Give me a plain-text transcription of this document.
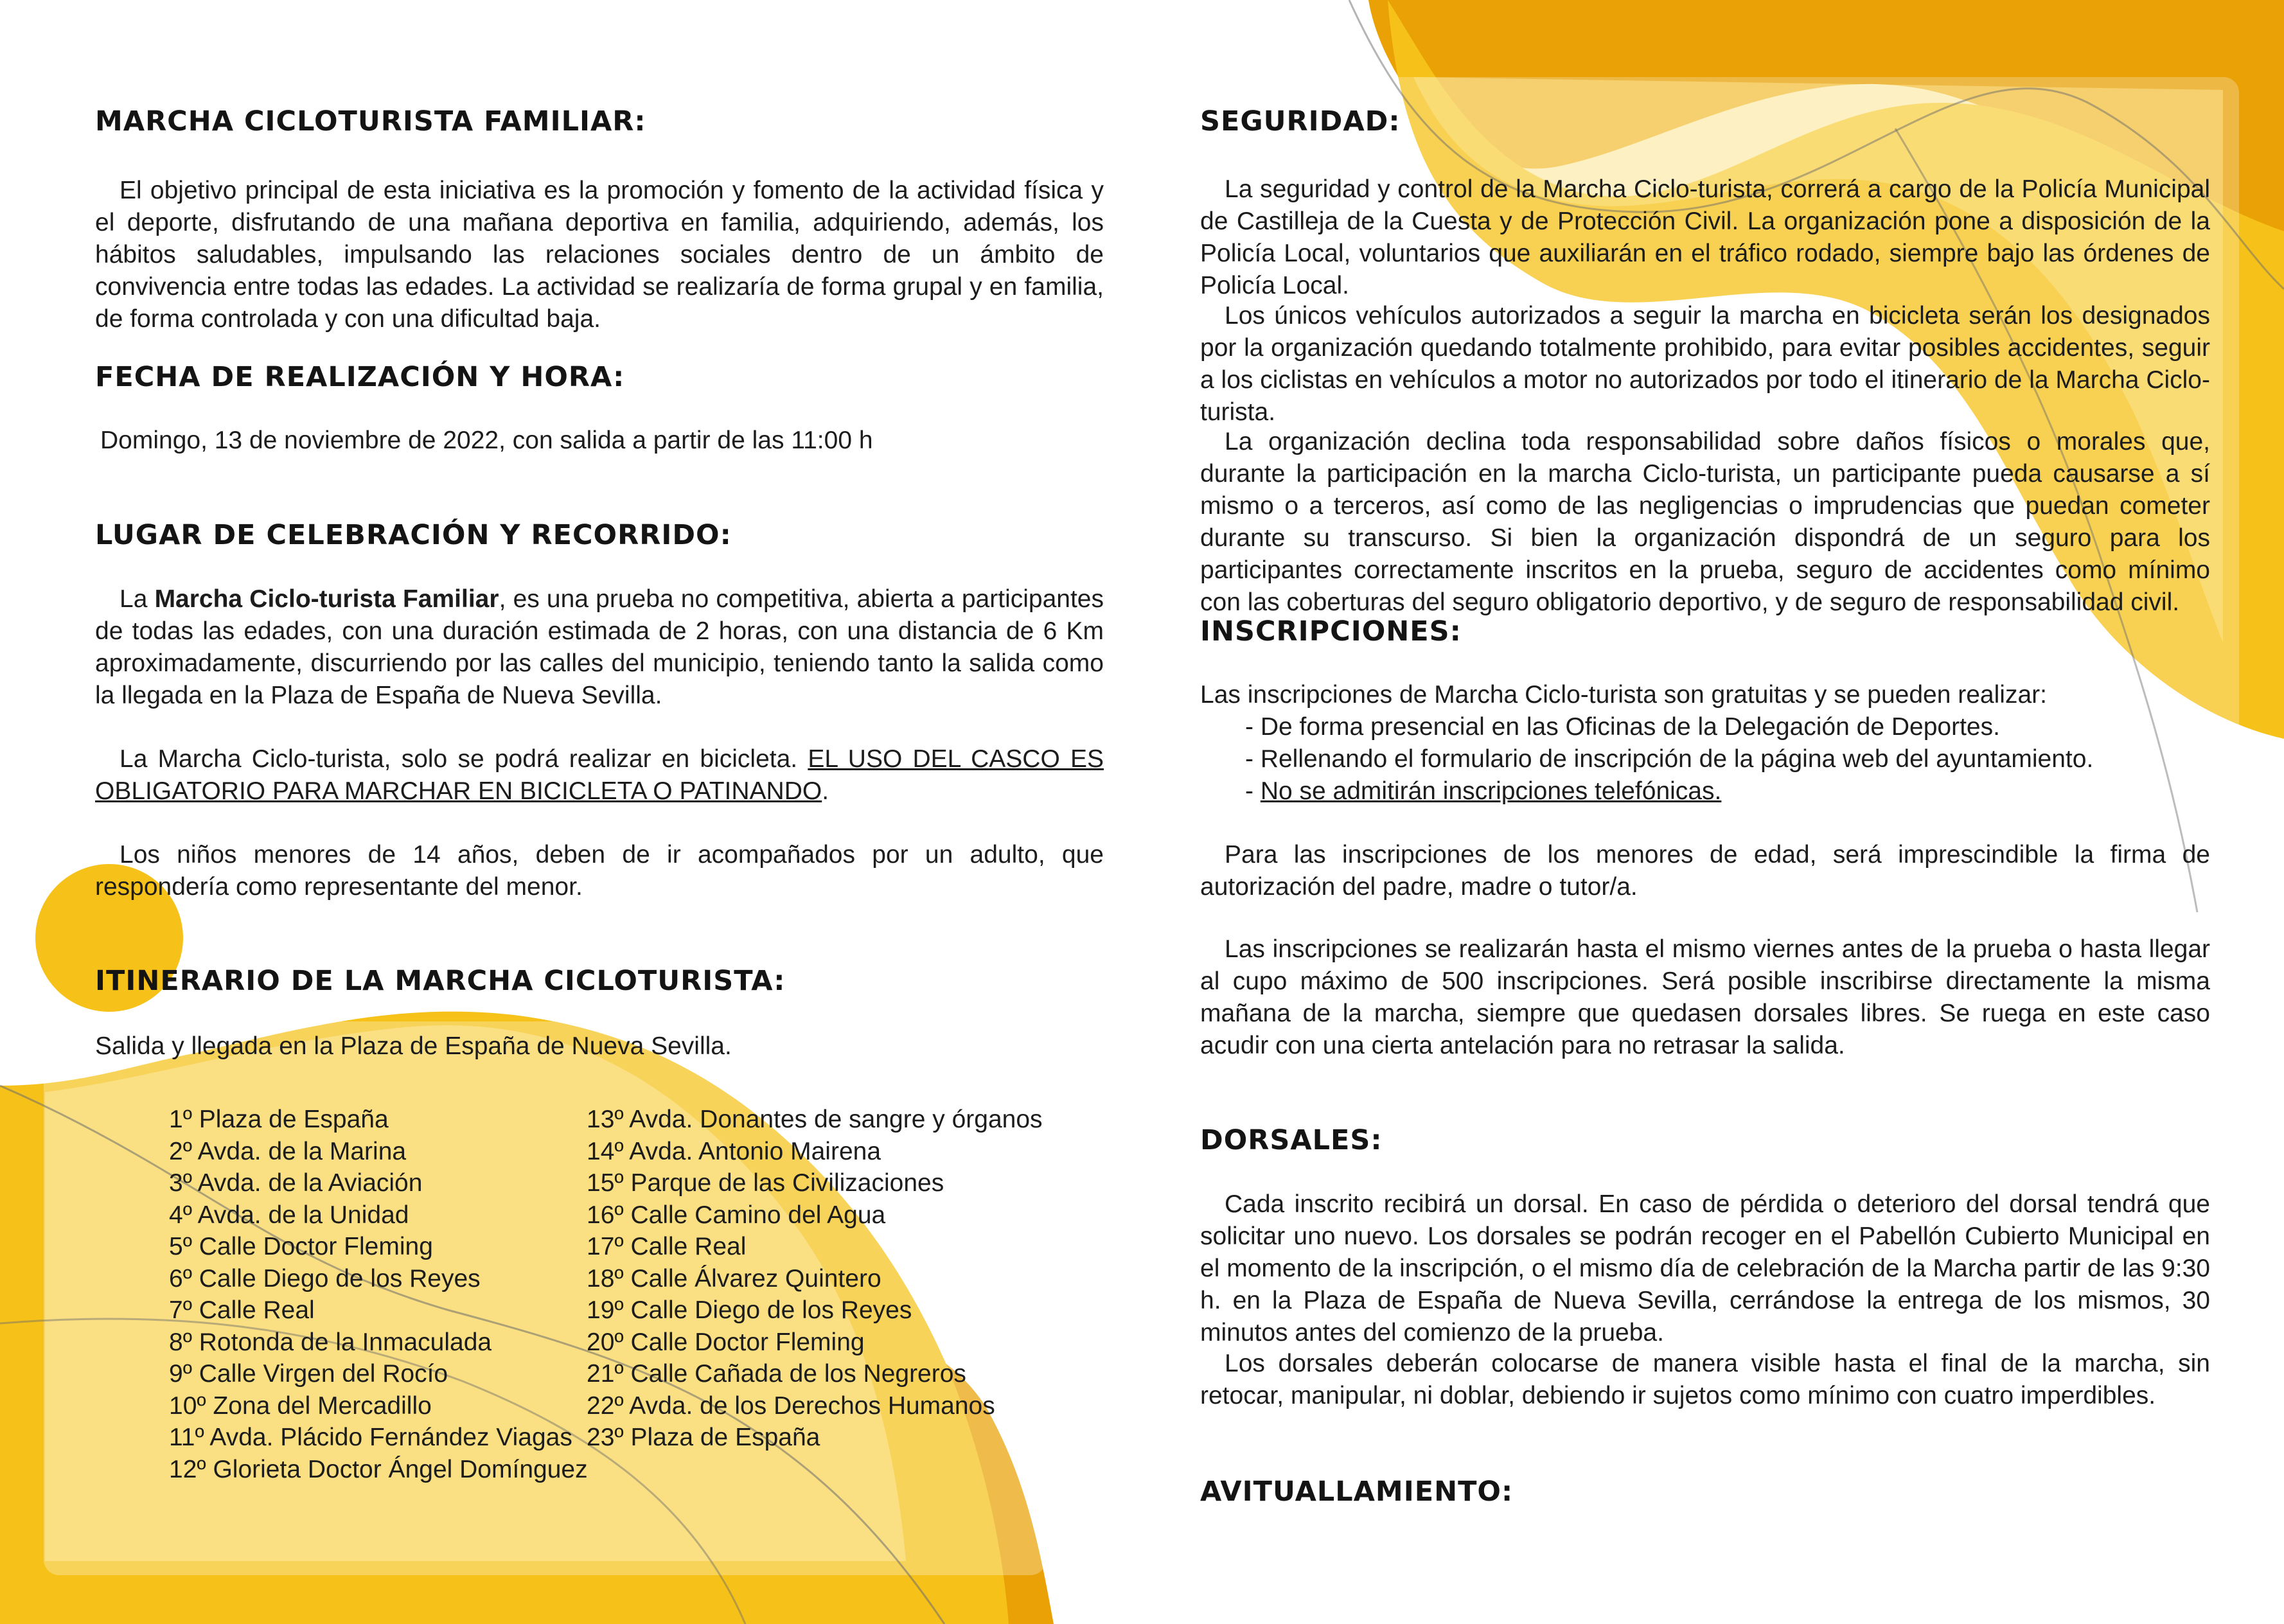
MARCHA CICLOTURISTA FAMILIAR:

El objetivo principal de esta iniciativa es la promoción y fomento de la actividad física y el deporte, disfrutando de una mañana deportiva en familia, adquiriendo, además, los hábitos saludables, impulsando las relaciones sociales dentro de un ámbito de convivencia entre todas las edades. La actividad se realizaría de forma grupal y en familia, de forma controlada y con una dificultad baja.

FECHA DE REALIZACIÓN Y HORA:

Domingo, 13 de noviembre de 2022, con salida a partir de las 11:00 h

LUGAR DE CELEBRACIÓN Y RECORRIDO:

La Marcha Ciclo-turista Familiar, es una prueba no competitiva, abierta a participantes de todas las edades, con una duración estimada de 2 horas, con una distancia de 6 Km aproximadamente, discurriendo por las calles del municipio, teniendo tanto la salida como la llegada en la Plaza de España de Nueva Sevilla.

La Marcha Ciclo-turista, solo se podrá realizar en bicicleta. EL USO DEL CASCO ES OBLIGATORIO PARA MARCHAR EN BICICLETA O PATINANDO.

Los niños menores de 14 años, deben de ir acompañados por un adulto, que respondería como representante del menor.

ITINERARIO DE LA MARCHA CICLOTURISTA:

Salida y llegada en la Plaza de España de Nueva Sevilla.

1º Plaza de España
2º Avda. de la Marina
3º Avda. de la Aviación
4º Avda. de la Unidad
5º Calle Doctor Fleming
6º Calle Diego de los Reyes
7º Calle Real
8º Rotonda de la Inmaculada
9º Calle Virgen del Rocío
10º Zona del Mercadillo
11º Avda. Plácido Fernández Viagas
12º Glorieta Doctor Ángel Domínguez
13º Avda. Donantes de sangre y órganos
14º Avda. Antonio Mairena
15º Parque de las Civilizaciones
16º Calle Camino del Agua
17º Calle Real
18º Calle Álvarez Quintero
19º Calle Diego de los Reyes
20º Calle Doctor Fleming
21º Calle Cañada de los Negreros
22º Avda. de los Derechos Humanos
23º Plaza de España
SEGURIDAD:

La seguridad y control de la Marcha Ciclo-turista, correrá a cargo de la Policía Municipal de Castilleja de la Cuesta y de Protección Civil. La organización pone a disposición de la Policía Local, voluntarios que auxiliarán en el tráfico rodado, siempre bajo las órdenes de Policía Local.

Los únicos vehículos autorizados a seguir la marcha en bicicleta serán los designados por la organización quedando totalmente prohibido, para evitar posibles accidentes, seguir a los ciclistas en vehículos a motor no autorizados por todo el itinerario de la Marcha Ciclo-turista.

La organización declina toda responsabilidad sobre daños físicos o morales que, durante la participación en la marcha Ciclo-turista, un participante pueda causarse a sí mismo o a terceros, así como de las negligencias o imprudencias que puedan cometer durante su transcurso. Si bien la organización dispondrá de un seguro para los participantes correctamente inscritos en la prueba, seguro de accidentes como mínimo con las coberturas del seguro obligatorio deportivo, y de seguro de responsabilidad civil.

INSCRIPCIONES:

Las inscripciones de Marcha Ciclo-turista son gratuitas y se pueden realizar:

- De forma presencial en las Oficinas de la Delegación de Deportes.
- Rellenando el formulario de inscripción de la página web del ayuntamiento.
- No se admitirán inscripciones telefónicas.

Para las inscripciones de los menores de edad, será imprescindible la firma de autorización del padre, madre o tutor/a.

Las inscripciones se realizarán hasta el mismo viernes antes de la prueba o hasta llegar al cupo máximo de 500 inscripciones. Será posible inscribirse directamente la misma mañana de la marcha, siempre que quedasen dorsales libres. Se ruega en este caso acudir con una cierta antelación para no retrasar la salida.

DORSALES:

Cada inscrito recibirá un dorsal. En caso de pérdida o deterioro del dorsal tendrá que solicitar uno nuevo. Los dorsales se podrán recoger en el Pabellón Cubierto Municipal en el momento de la inscripción, o el mismo día de celebración de la Marcha partir de las 9:30 h. en la Plaza de España de Nueva Sevilla, cerrándose la entrega de los mismos, 30 minutos antes del comienzo de la prueba.

Los dorsales deberán colocarse de manera visible hasta el final de la marcha, sin retocar, manipular, ni doblar, debiendo ir sujetos como mínimo con cuatro imperdibles.

AVITUALLAMIENTO:
